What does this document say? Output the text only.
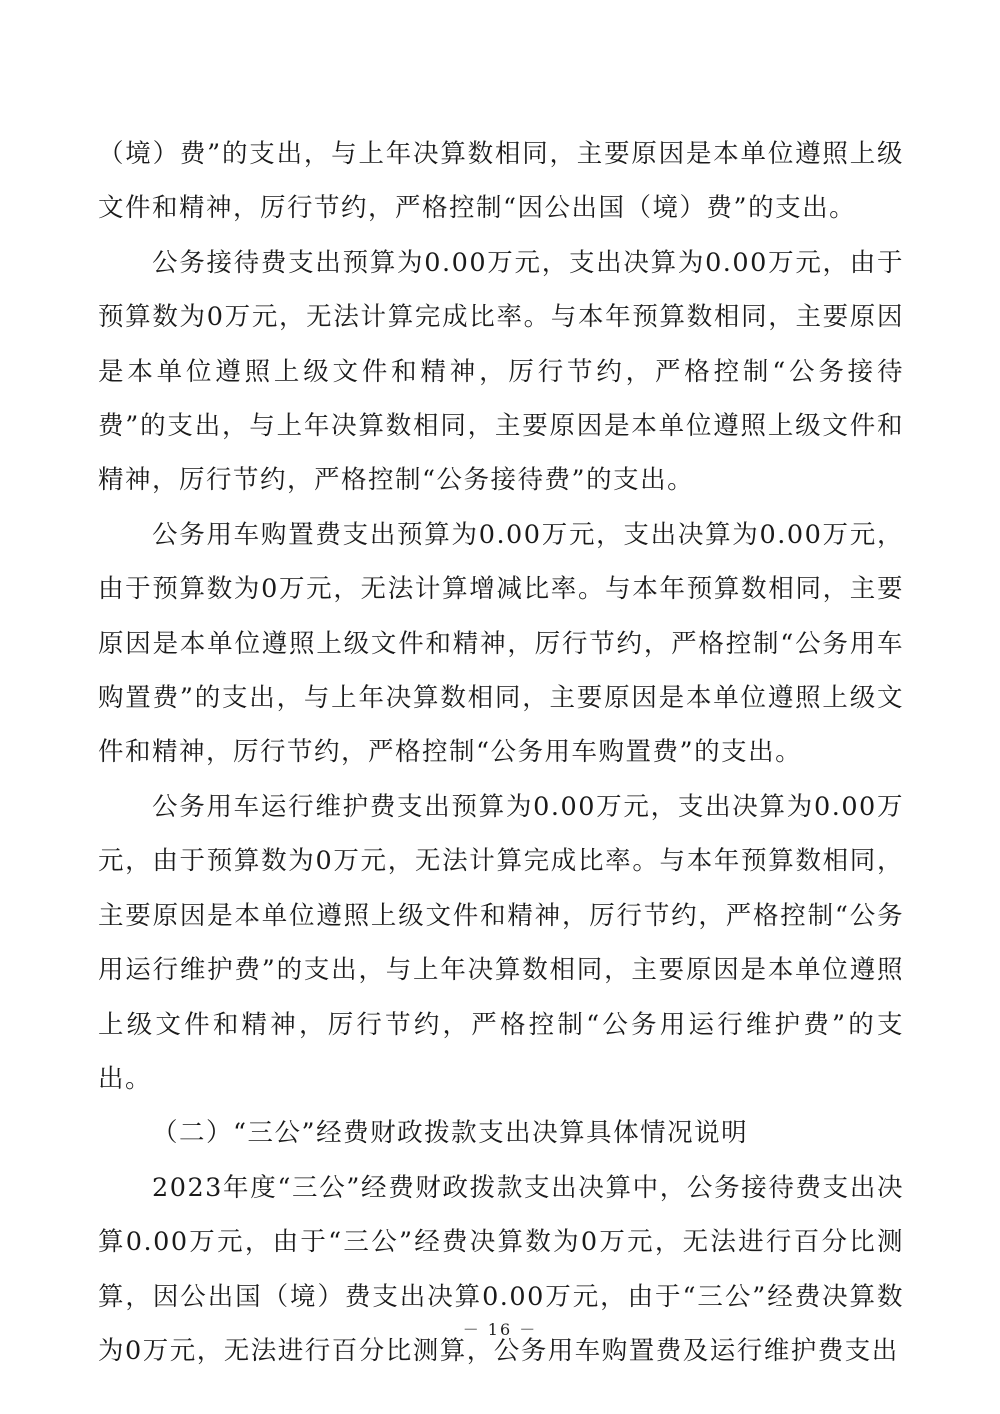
（境）费”的支出，与上年决算数相同，主要原因是本单位遵照上级文件和精神，厉行节约，严格控制“因公出国（境）费”的支出。

公务接待费支出预算为0.00万元，支出决算为0.00万元，由于预算数为0万元，无法计算完成比率。与本年预算数相同，主要原因是本单位遵照上级文件和精神，厉行节约，严格控制“公务接待费”的支出，与上年决算数相同，主要原因是本单位遵照上级文件和精神，厉行节约，严格控制“公务接待费”的支出。

公务用车购置费支出预算为0.00万元，支出决算为0.00万元，由于预算数为0万元，无法计算增减比率。与本年预算数相同，主要原因是本单位遵照上级文件和精神，厉行节约，严格控制“公务用车购置费”的支出，与上年决算数相同，主要原因是本单位遵照上级文件和精神，厉行节约，严格控制“公务用车购置费”的支出。

公务用车运行维护费支出预算为0.00万元，支出决算为0.00万元，由于预算数为0万元，无法计算完成比率。与本年预算数相同，主要原因是本单位遵照上级文件和精神，厉行节约，严格控制“公务用运行维护费”的支出，与上年决算数相同，主要原因是本单位遵照上级文件和精神，厉行节约，严格控制“公务用运行维护费”的支出。

（二）“三公”经费财政拨款支出决算具体情况说明

2023年度“三公”经费财政拨款支出决算中，公务接待费支出决算0.00万元，由于“三公”经费决算数为0万元，无法进行百分比测算，因公出国（境）费支出决算0.00万元，由于“三公”经费决算数为0万元，无法进行百分比测算，公务用车购置费及运行维护费支出

－ 16 －
